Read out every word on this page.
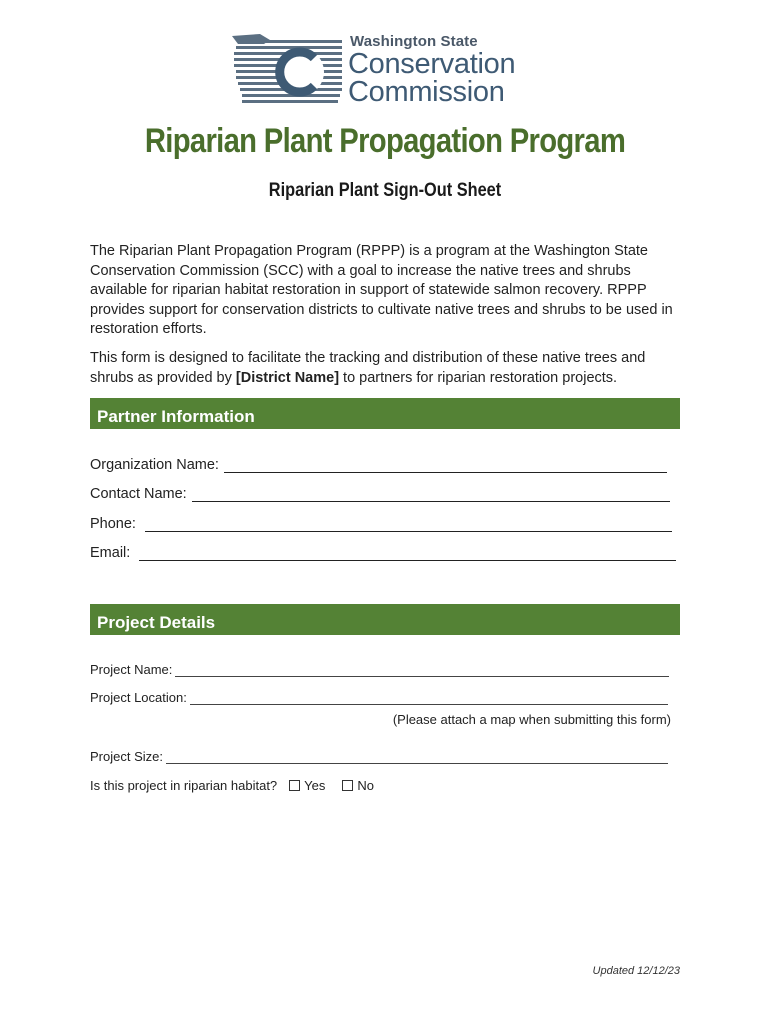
Washington State
Conservation
Commission
Riparian Plant Propagation Program
Riparian Plant Sign-Out Sheet
The Riparian Plant Propagation Program (RPPP) is a program at the Washington State Conservation Commission (SCC) with a goal to increase the native trees and shrubs available for riparian habitat restoration in support of statewide salmon recovery. RPPP provides support for conservation districts to cultivate native trees and shrubs to be used in restoration efforts.
This form is designed to facilitate the tracking and distribution of these native trees and shrubs as provided by [District Name] to partners for riparian restoration projects.
Partner Information
Organization Name:
Contact Name:
Phone:
Email:
Project Details
Project Name:
Project Location:
(Please attach a map when submitting this form)
Project Size:
Is this project in riparian habitat? Yes No
Updated 12/12/23
